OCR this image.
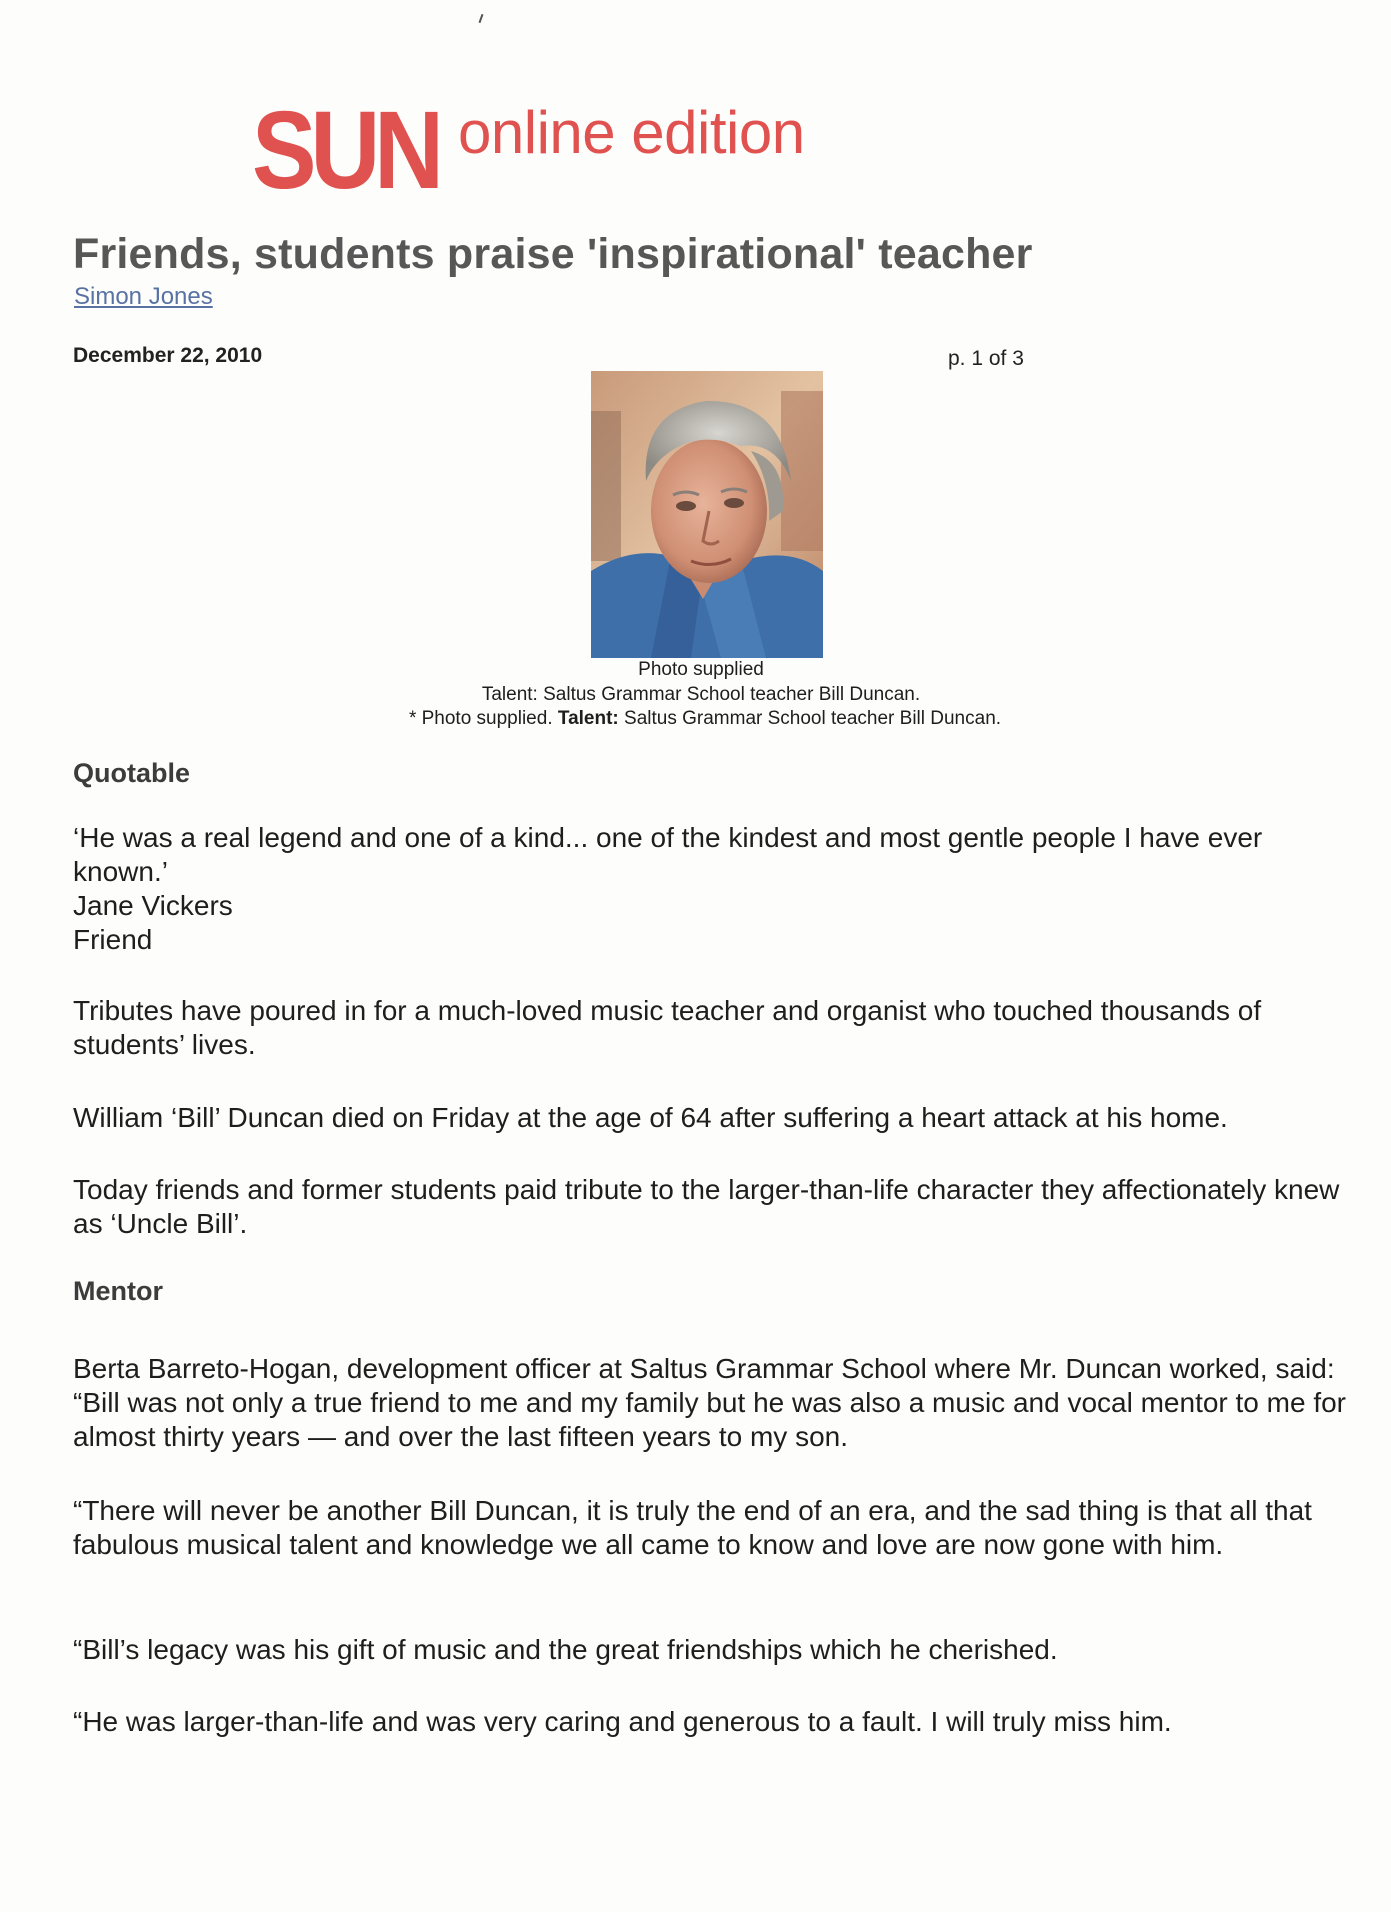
SUN online edition
Friends, students praise 'inspirational' teacher
Simon Jones
December 22, 2010	p. 1 of 3
Photo supplied
Talent: Saltus Grammar School teacher Bill Duncan.
* Photo supplied. Talent: Saltus Grammar School teacher Bill Duncan.
Quotable

‘He was a real legend and one of a kind... one of the kindest and most gentle people I have ever known.’

Jane Vickers

Friend

Tributes have poured in for a much-loved music teacher and organist who touched thousands of students’ lives.
William ‘Bill’ Duncan died on Friday at the age of 64 after suffering a heart attack at his home.
Today friends and former students paid tribute to the larger-than-life character they affectionately knew as ‘Uncle Bill’.
Mentor
Berta Barreto-Hogan, development officer at Saltus Grammar School where Mr. Duncan worked, said: “Bill was not only a true friend to me and my family but he was also a music and vocal mentor to me for almost thirty years — and over the last fifteen years to my son.
“There will never be another Bill Duncan, it is truly the end of an era, and the sad thing is that all that fabulous musical talent and knowledge we all came to know and love are now gone with him.
“Bill’s legacy was his gift of music and the great friendships which he cherished.
“He was larger-than-life and was very caring and generous to a fault. I will truly miss him.
